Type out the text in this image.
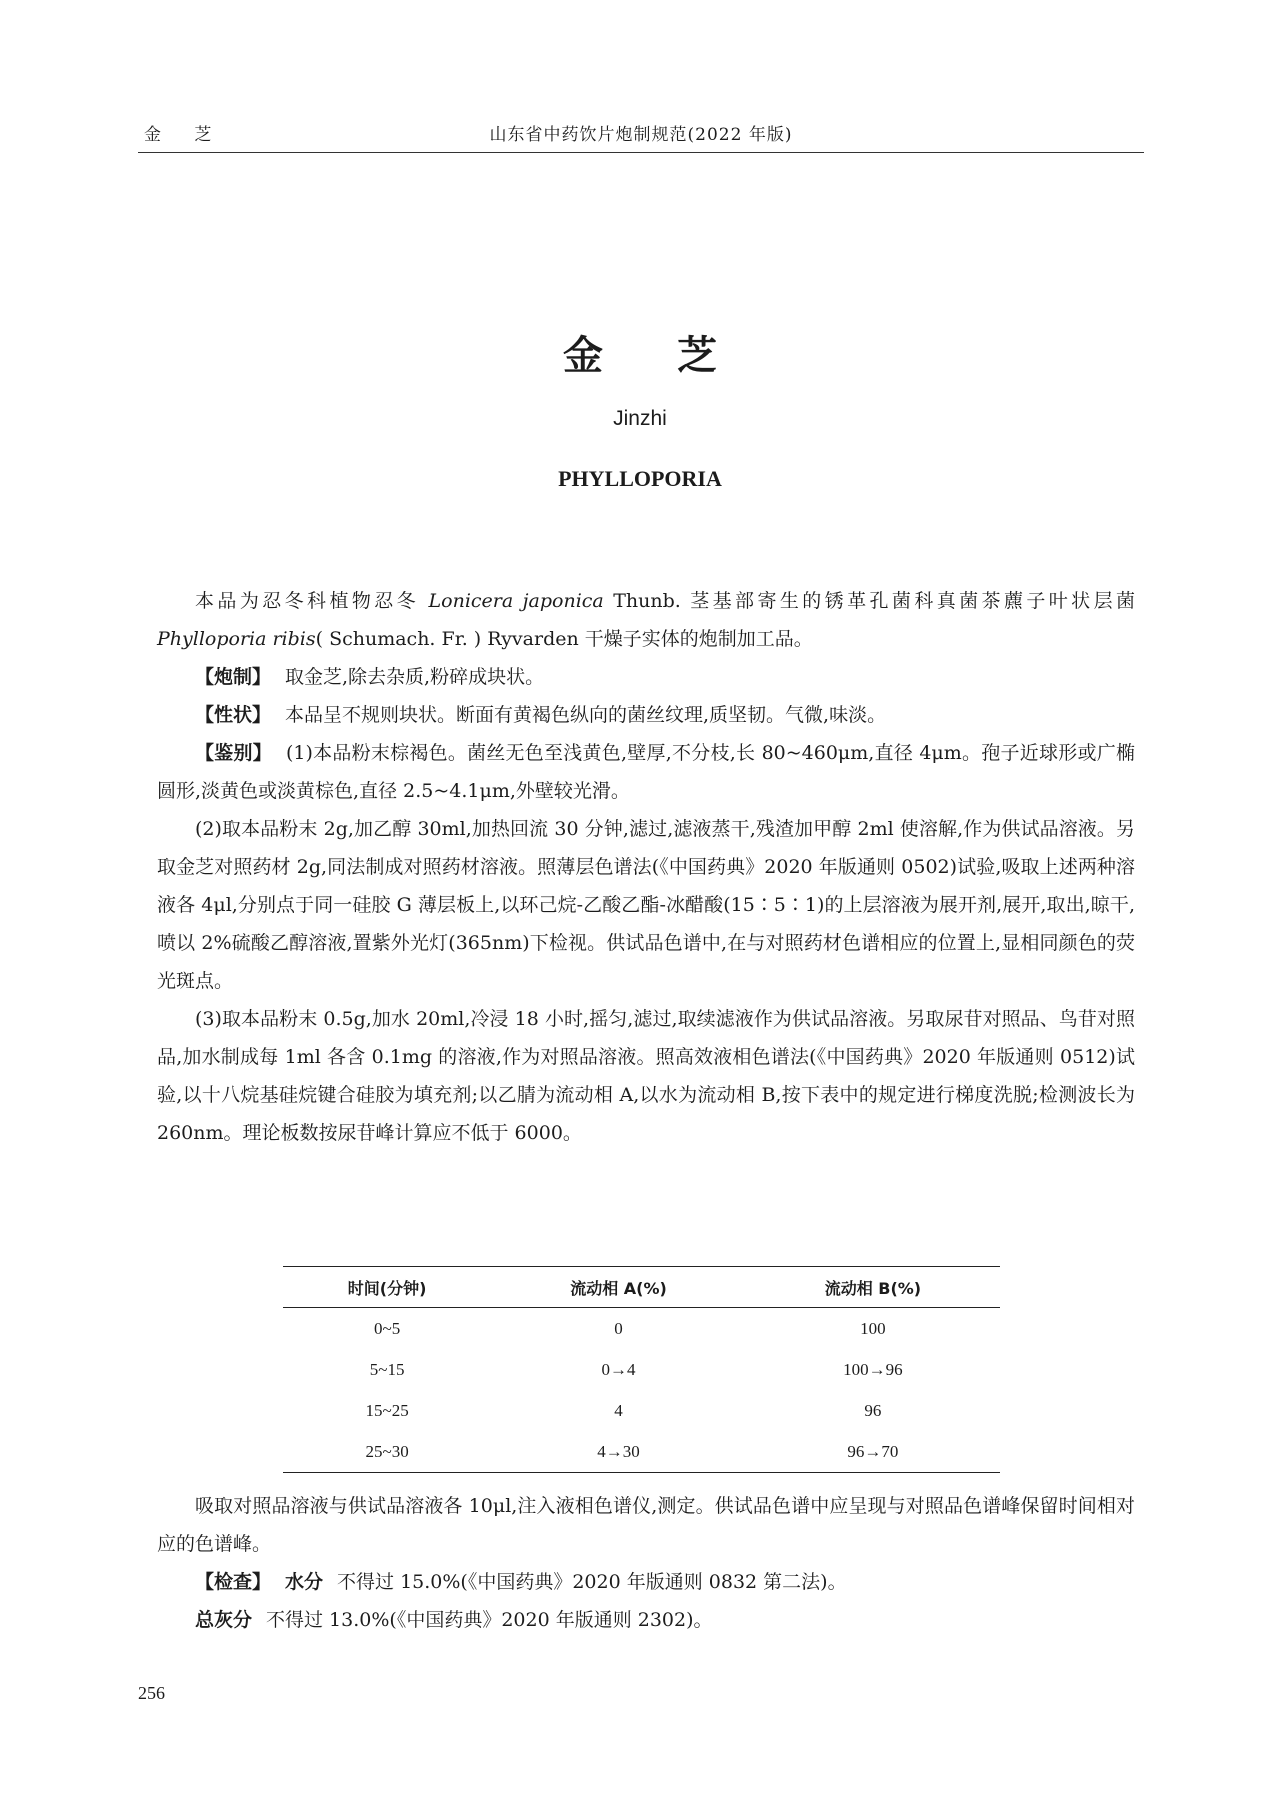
金 芝	山东省中药饮片炮制规范(2022 年版)
金 芝
Jinzhi
PHYLLOPORIA

本品为忍冬科植物忍冬 Lonicera japonica Thunb. 茎基部寄生的锈革孔菌科真菌茶藨子叶状层菌 Phylloporia ribis( Schumach. Fr. ) Ryvarden 干燥子实体的炮制加工品。

【炮制】 取金芝,除去杂质,粉碎成块状。

【性状】 本品呈不规则块状。断面有黄褐色纵向的菌丝纹理,质坚韧。气微,味淡。

【鉴别】 (1)本品粉末棕褐色。菌丝无色至浅黄色,壁厚,不分枝,长 80~460μm,直径 4μm。孢子近球形或广椭圆形,淡黄色或淡黄棕色,直径 2.5~4.1μm,外壁较光滑。

(2)取本品粉末 2g,加乙醇 30ml,加热回流 30 分钟,滤过,滤液蒸干,残渣加甲醇 2ml 使溶解,作为供试品溶液。另取金芝对照药材 2g,同法制成对照药材溶液。照薄层色谱法(《中国药典》2020 年版通则 0502)试验,吸取上述两种溶液各 4μl,分别点于同一硅胶 G 薄层板上,以环己烷-乙酸乙酯-冰醋酸(15∶5∶1)的上层溶液为展开剂,展开,取出,晾干,喷以 2%硫酸乙醇溶液,置紫外光灯(365nm)下检视。供试品色谱中,在与对照药材色谱相应的位置上,显相同颜色的荧光斑点。

(3)取本品粉末 0.5g,加水 20ml,冷浸 18 小时,摇匀,滤过,取续滤液作为供试品溶液。另取尿苷对照品、鸟苷对照品,加水制成每 1ml 各含 0.1mg 的溶液,作为对照品溶液。照高效液相色谱法(《中国药典》2020 年版通则 0512)试验,以十八烷基硅烷键合硅胶为填充剂;以乙腈为流动相 A,以水为流动相 B,按下表中的规定进行梯度洗脱;检测波长为 260nm。理论板数按尿苷峰计算应不低于 6000。

时间(分钟)	流动相 A(%)	流动相 B(%)
0~5	0	100
5~15	0→4	100→96
15~25	4	96
25~30	4→30	96→70

吸取对照品溶液与供试品溶液各 10μl,注入液相色谱仪,测定。供试品色谱中应呈现与对照品色谱峰保留时间相对应的色谱峰。

【检查】 水分 不得过 15.0%(《中国药典》2020 年版通则 0832 第二法)。

总灰分 不得过 13.0%(《中国药典》2020 年版通则 2302)。

256
